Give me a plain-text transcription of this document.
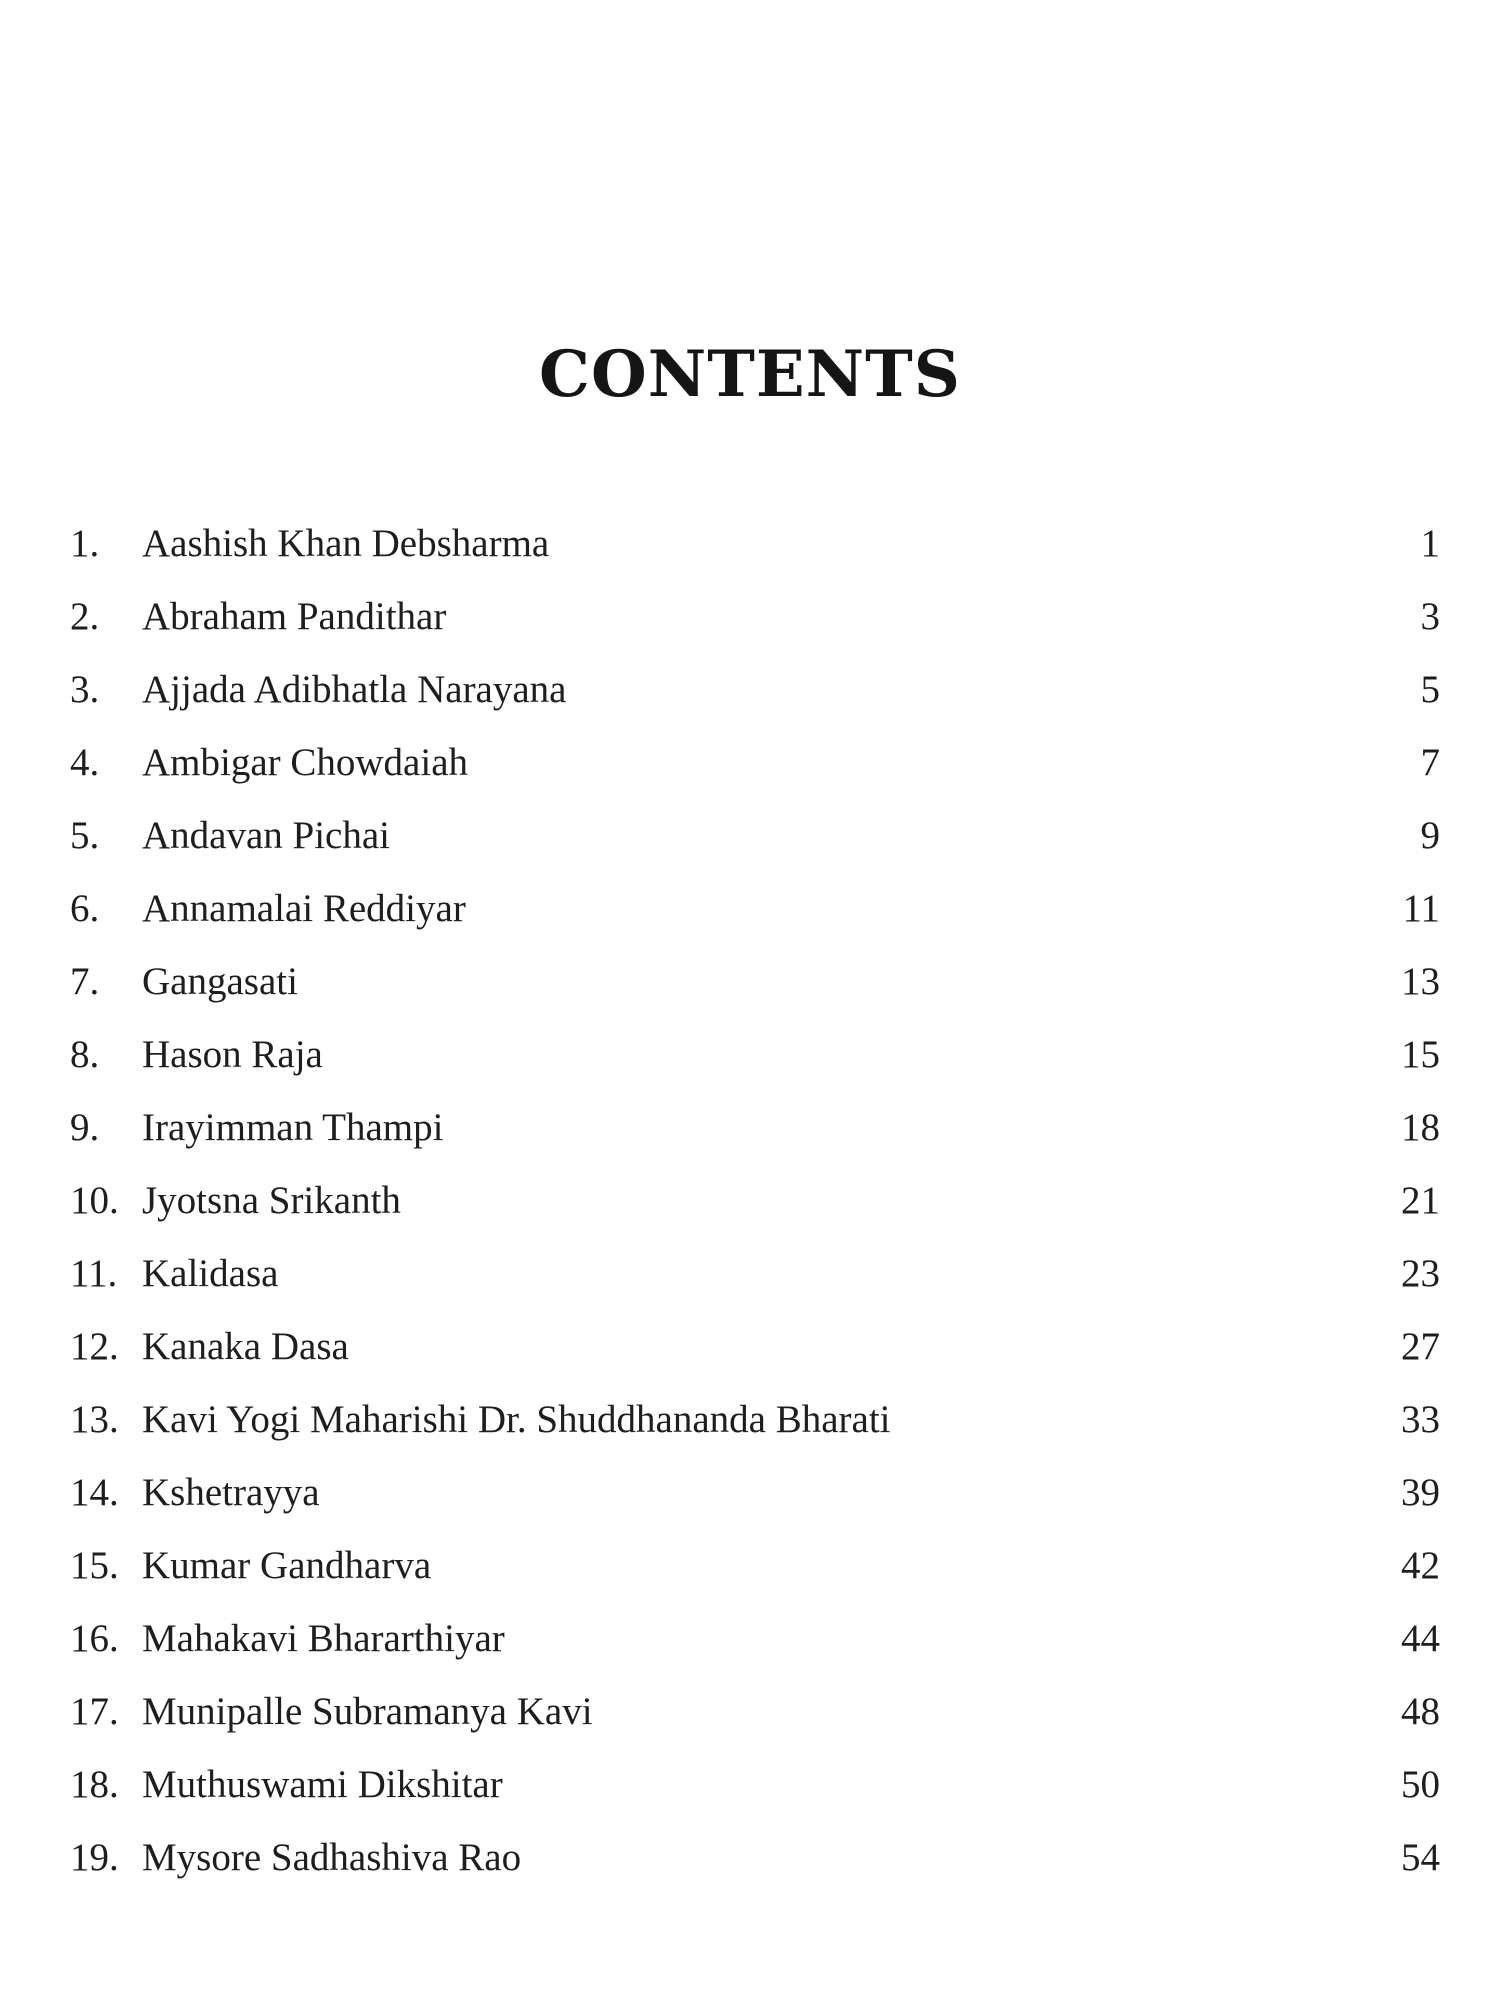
CONTENTS
1.	Aashish Khan Debsharma	1
2.	Abraham Pandithar	3
3.	Ajjada Adibhatla Narayana	5
4.	Ambigar Chowdaiah	7
5.	Andavan Pichai	9
6.	Annamalai Reddiyar	11
7.	Gangasati	13
8.	Hason Raja	15
9.	Irayimman Thampi	18
10. Jyotsna Srikanth	21
11. Kalidasa	23
12. Kanaka Dasa	27
13. Kavi Yogi Maharishi Dr. Shuddhananda Bharati	33
14. Kshetrayya	39
15. Kumar Gandharva	42
16. Mahakavi Bhararthiyar	44
17. Munipalle Subramanya Kavi	48
18. Muthuswami Dikshitar	50
19. Mysore Sadhashiva Rao	54
